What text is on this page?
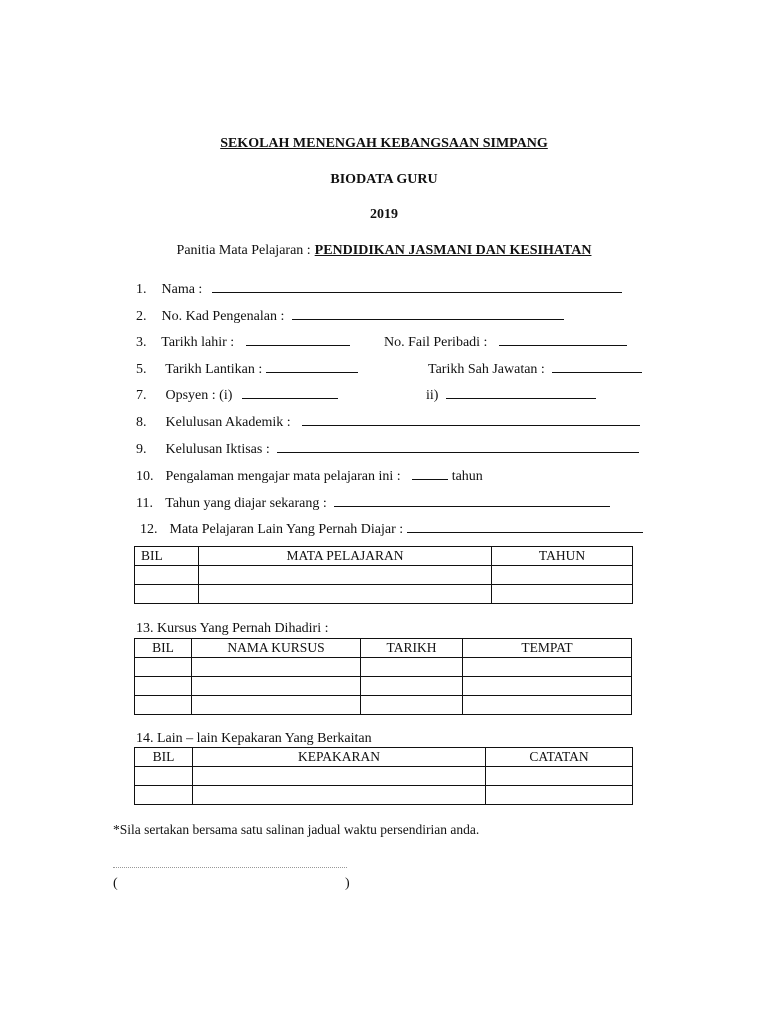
SEKOLAH MENENGAH KEBANGSAAN SIMPANG
BIODATA GURU
2019
Panitia Mata Pelajaran : PENDIDIKAN JASMANI DAN KESIHATAN
1. Nama :
2. No. Kad Pengenalan :
3. Tarikh lahir :	No. Fail Peribadi :
5. Tarikh Lantikan :	Tarikh Sah Jawatan :
7. Opsyen : (i)	ii)
8. Kelulusan Akademik :
9. Kelulusan Iktisas :
10. Pengalaman mengajar mata pelajaran ini :	tahun
11. Tahun yang diajar sekarang :
12. Mata Pelajaran Lain Yang Pernah Diajar :
BIL	MATA PELAJARAN	TAHUN

13. Kursus Yang Pernah Dihadiri :
BIL	NAMA KURSUS	TARIKH	TEMPAT

14. Lain – lain Kepakaran Yang Berkaitan
BIL	KEPAKARAN	CATATAN

*Sila sertakan bersama satu salinan jadual waktu persendirian anda.
(	)
